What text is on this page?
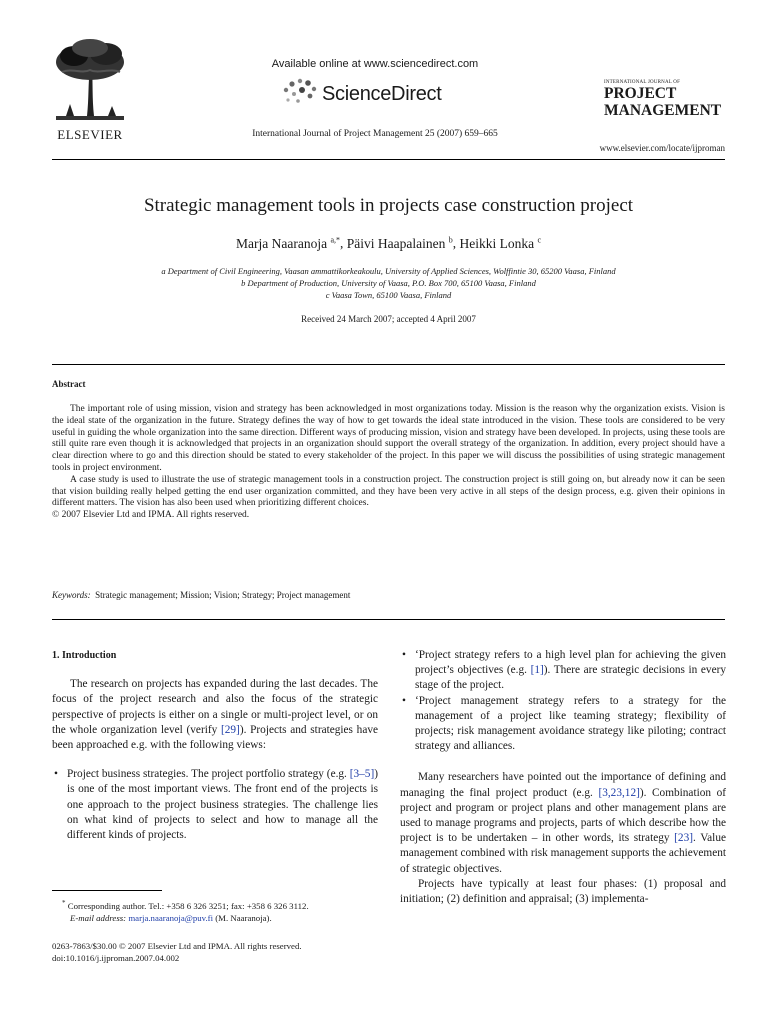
ELSEVIER
Available online at www.sciencedirect.com
ScienceDirect
International Journal of Project Management 25 (2007) 659–665
INTERNATIONAL JOURNAL OF
PROJECT
MANAGEMENT
www.elsevier.com/locate/ijproman
Strategic management tools in projects case construction project
Marja Naaranoja $^{a,*}$, Päivi Haapalainen $^b$, Heikki Lonka $^c$
a Department of Civil Engineering, Vaasan ammattikorkeakoulu, University of Applied Sciences, Wolffintie 30, 65200 Vaasa, Finland
b Department of Production, University of Vaasa, P.O. Box 700, 65100 Vaasa, Finland
c Vaasa Town, 65100 Vaasa, Finland
Received 24 March 2007; accepted 4 April 2007
Abstract

The important role of using mission, vision and strategy has been acknowledged in most organizations today. Mission is the reason why the organization exists. Vision is the ideal state of the organization in the future. Strategy defines the way of how to get towards the ideal state introduced in the vision. These tools are considered to be very useful in guiding the whole organization into the same direction. Different ways of producing mission, vision and strategy have been developed. In projects, using these tools are still quite rare even though it is acknowledged that projects in an organization should support the overall strategy of the organization. In addition, every project should have a clear direction where to go and this direction should be stated to every stakeholder of the project. In this paper we will discuss the possibilities of using strategic management tools in project environment.

A case study is used to illustrate the use of strategic management tools in a construction project. The construction project is still going on, but already now it can be seen that vision building really helped getting the end user organization committed, and they have been very active in all steps of the design process, e.g. given their opinions in different matters. The vision has also been used when prioritizing different choices.

© 2007 Elsevier Ltd and IPMA. All rights reserved.

Keywords: Strategic management; Mission; Vision; Strategy; Project management
1. Introduction

The research on projects has expanded during the last decades. The focus of the project research and also the focus of the strategic perspective of projects is either on a single or multi-project level, or on the whole organization level (verify [29]). Projects and strategies have been approached e.g. with the following views:

• Project business strategies. The project portfolio strategy (e.g. [3–5]) is one of the most important views. The front end of the projects is one approach to the project business strategies. The challenge lies on what kind of projects to select and how to manage all the different kinds of projects.
* Corresponding author. Tel.: +358 6 326 3251; fax: +358 6 326 3112.
E-mail address: marja.naaranoja@puv.fi (M. Naaranoja).
0263-7863/$30.00 © 2007 Elsevier Ltd and IPMA. All rights reserved.
doi:10.1016/j.ijproman.2007.04.002
• ‘Project strategy refers to a high level plan for achieving the given project’s objectives (e.g. [1]). There are strategic decisions in every stage of the project.
• ‘Project management strategy refers to a strategy for the management of a project like teaming strategy; flexibility of projects; risk management avoidance strategy like piloting; contract strategy and alliances.

Many researchers have pointed out the importance of defining and managing the final project product (e.g. [3,23,12]). Combination of project and program or project plans and other management plans are used to manage programs and projects, parts of which describe how the project is to be undertaken – in other words, its strategy [23]. Value management combined with risk management supports the achievement of strategic objectives.

Projects have typically at least four phases: (1) proposal and initiation; (2) definition and appraisal; (3) implementa-
